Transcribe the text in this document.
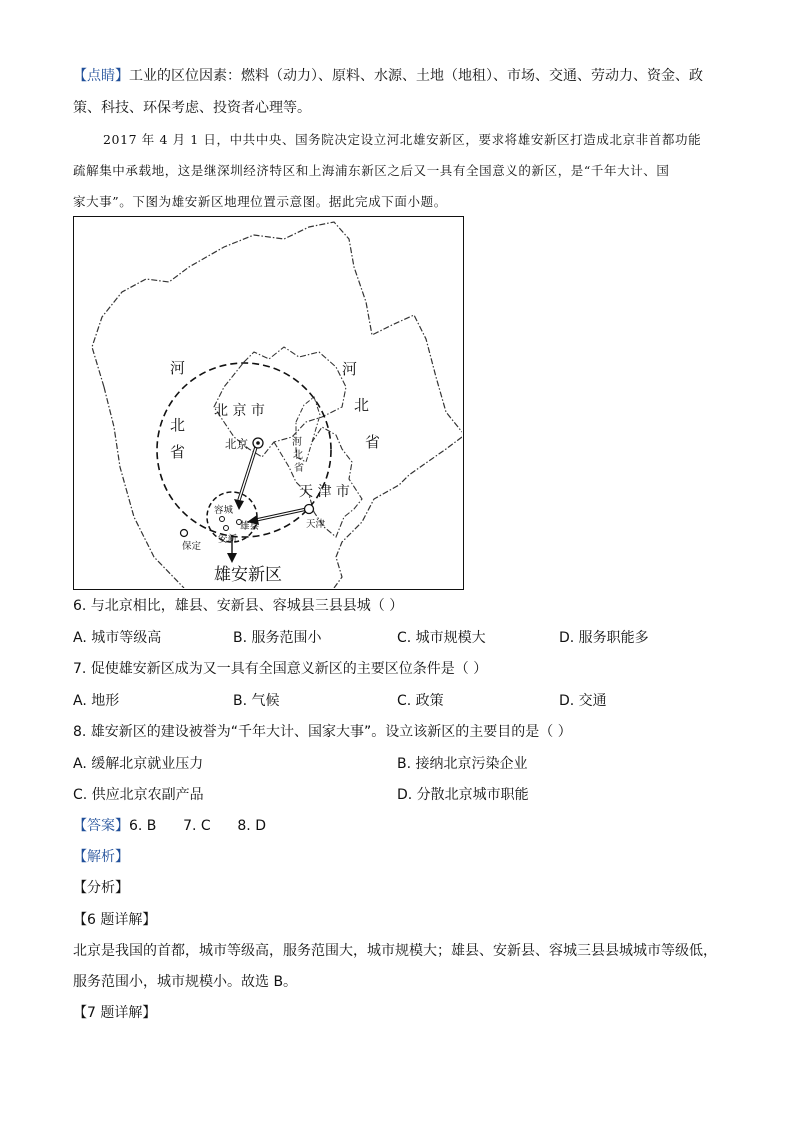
【点睛】工业的区位因素：燃料（动力）、原料、水源、土地（地租）、市场、交通、劳动力、资金、政
策、科技、环保考虑、投资者心理等。
2017 年 4 月 1 日，中共中央、国务院决定设立河北雄安新区，要求将雄安新区打造成北京非首都功能
疏解集中承载地，这是继深圳经济特区和上海浦东新区之后又一具有全国意义的新区，是“千年大计、国
家大事”。下图为雄安新区地理位置示意图。据此完成下面小题。
河
北
省
河
北
省
北 京 市
北京	河
北
省
天 津 市
天津
容城
雄县
安新
保定
雄安新区
6. 与北京相比，雄县、安新县、容城县三县县城（ ）
A. 城市等级高	B. 服务范围小	C. 城市规模大	D. 服务职能多
7. 促使雄安新区成为又一具有全国意义新区的主要区位条件是（ ）
A. 地形	B. 气候	C. 政策	D. 交通
8. 雄安新区的建设被誉为“千年大计、国家大事”。设立该新区的主要目的是（ ）
A. 缓解北京就业压力	B. 接纳北京污染企业
C. 供应北京农副产品	D. 分散北京城市职能
【答案】6. B      7. C      8. D
【解析】
【分析】
【6 题详解】
北京是我国的首都，城市等级高，服务范围大，城市规模大；雄县、安新县、容城三县县城城市等级低，
服务范围小，城市规模小。故选 B。
【7 题详解】
